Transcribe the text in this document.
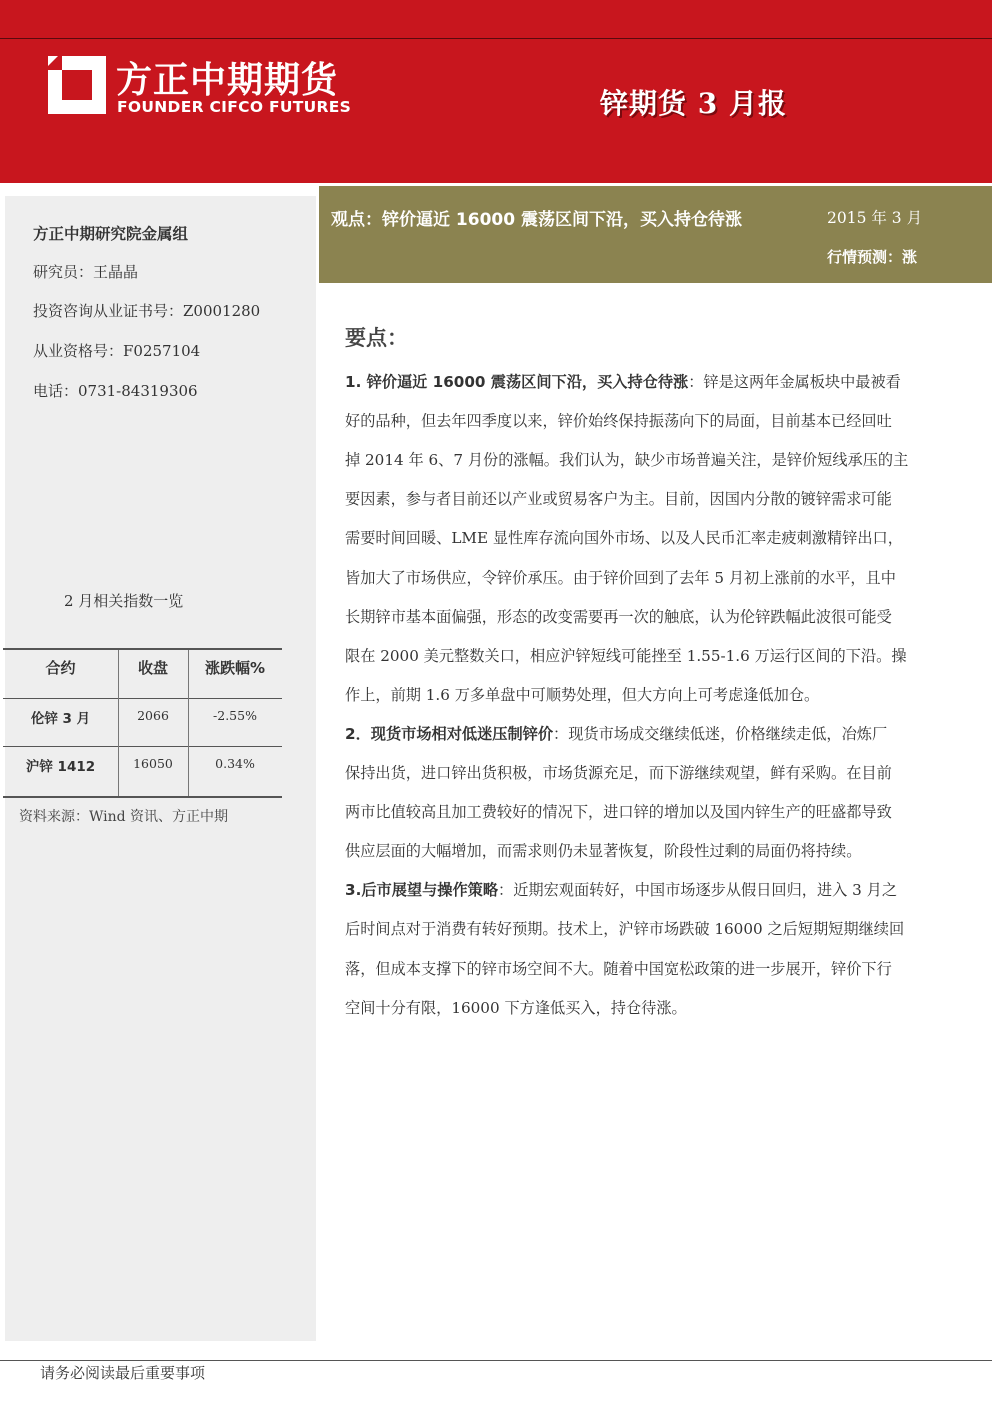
方正中期期货
FOUNDER CIFCO FUTURES	锌期货 3 月报
方正中期研究院金属组
研究员：王晶晶
投资咨询从业证书号：Z0001280
从业资格号：F0257104
电话：0731-84319306
2 月相关指数一览
合约	收盘	涨跌幅%
伦锌 3 月	2066	-2.55%
沪锌 1412	16050	0.34%
资料来源：Wind 资讯、方正中期
观点：锌价逼近 16000 震荡区间下沿，买入持仓待涨	2015 年 3 月
行情预测：涨
要点：
1. 锌价逼近 16000 震荡区间下沿，买入持仓待涨：锌是这两年金属板块中最被看
好的品种，但去年四季度以来，锌价始终保持振荡向下的局面，目前基本已经回吐
掉 2014 年 6、7 月份的涨幅。我们认为，缺少市场普遍关注，是锌价短线承压的主
要因素，参与者目前还以产业或贸易客户为主。目前，因国内分散的镀锌需求可能
需要时间回暖、LME 显性库存流向国外市场、以及人民币汇率走疲刺激精锌出口，
皆加大了市场供应，令锌价承压。由于锌价回到了去年 5 月初上涨前的水平，且中
长期锌市基本面偏强，形态的改变需要再一次的触底，认为伦锌跌幅此波很可能受
限在 2000 美元整数关口，相应沪锌短线可能挫至 1.55-1.6 万运行区间的下沿。操
作上，前期 1.6 万多单盘中可顺势处理，但大方向上可考虑逢低加仓。
2．现货市场相对低迷压制锌价：现货市场成交继续低迷，价格继续走低，冶炼厂
保持出货，进口锌出货积极，市场货源充足，而下游继续观望，鲜有采购。在目前
两市比值较高且加工费较好的情况下，进口锌的增加以及国内锌生产的旺盛都导致
供应层面的大幅增加，而需求则仍未显著恢复，阶段性过剩的局面仍将持续。
3.后市展望与操作策略：近期宏观面转好，中国市场逐步从假日回归，进入 3 月之
后时间点对于消费有转好预期。技术上，沪锌市场跌破 16000 之后短期短期继续回
落，但成本支撑下的锌市场空间不大。随着中国宽松政策的进一步展开，锌价下行
空间十分有限，16000 下方逢低买入，持仓待涨。
请务必阅读最后重要事项
